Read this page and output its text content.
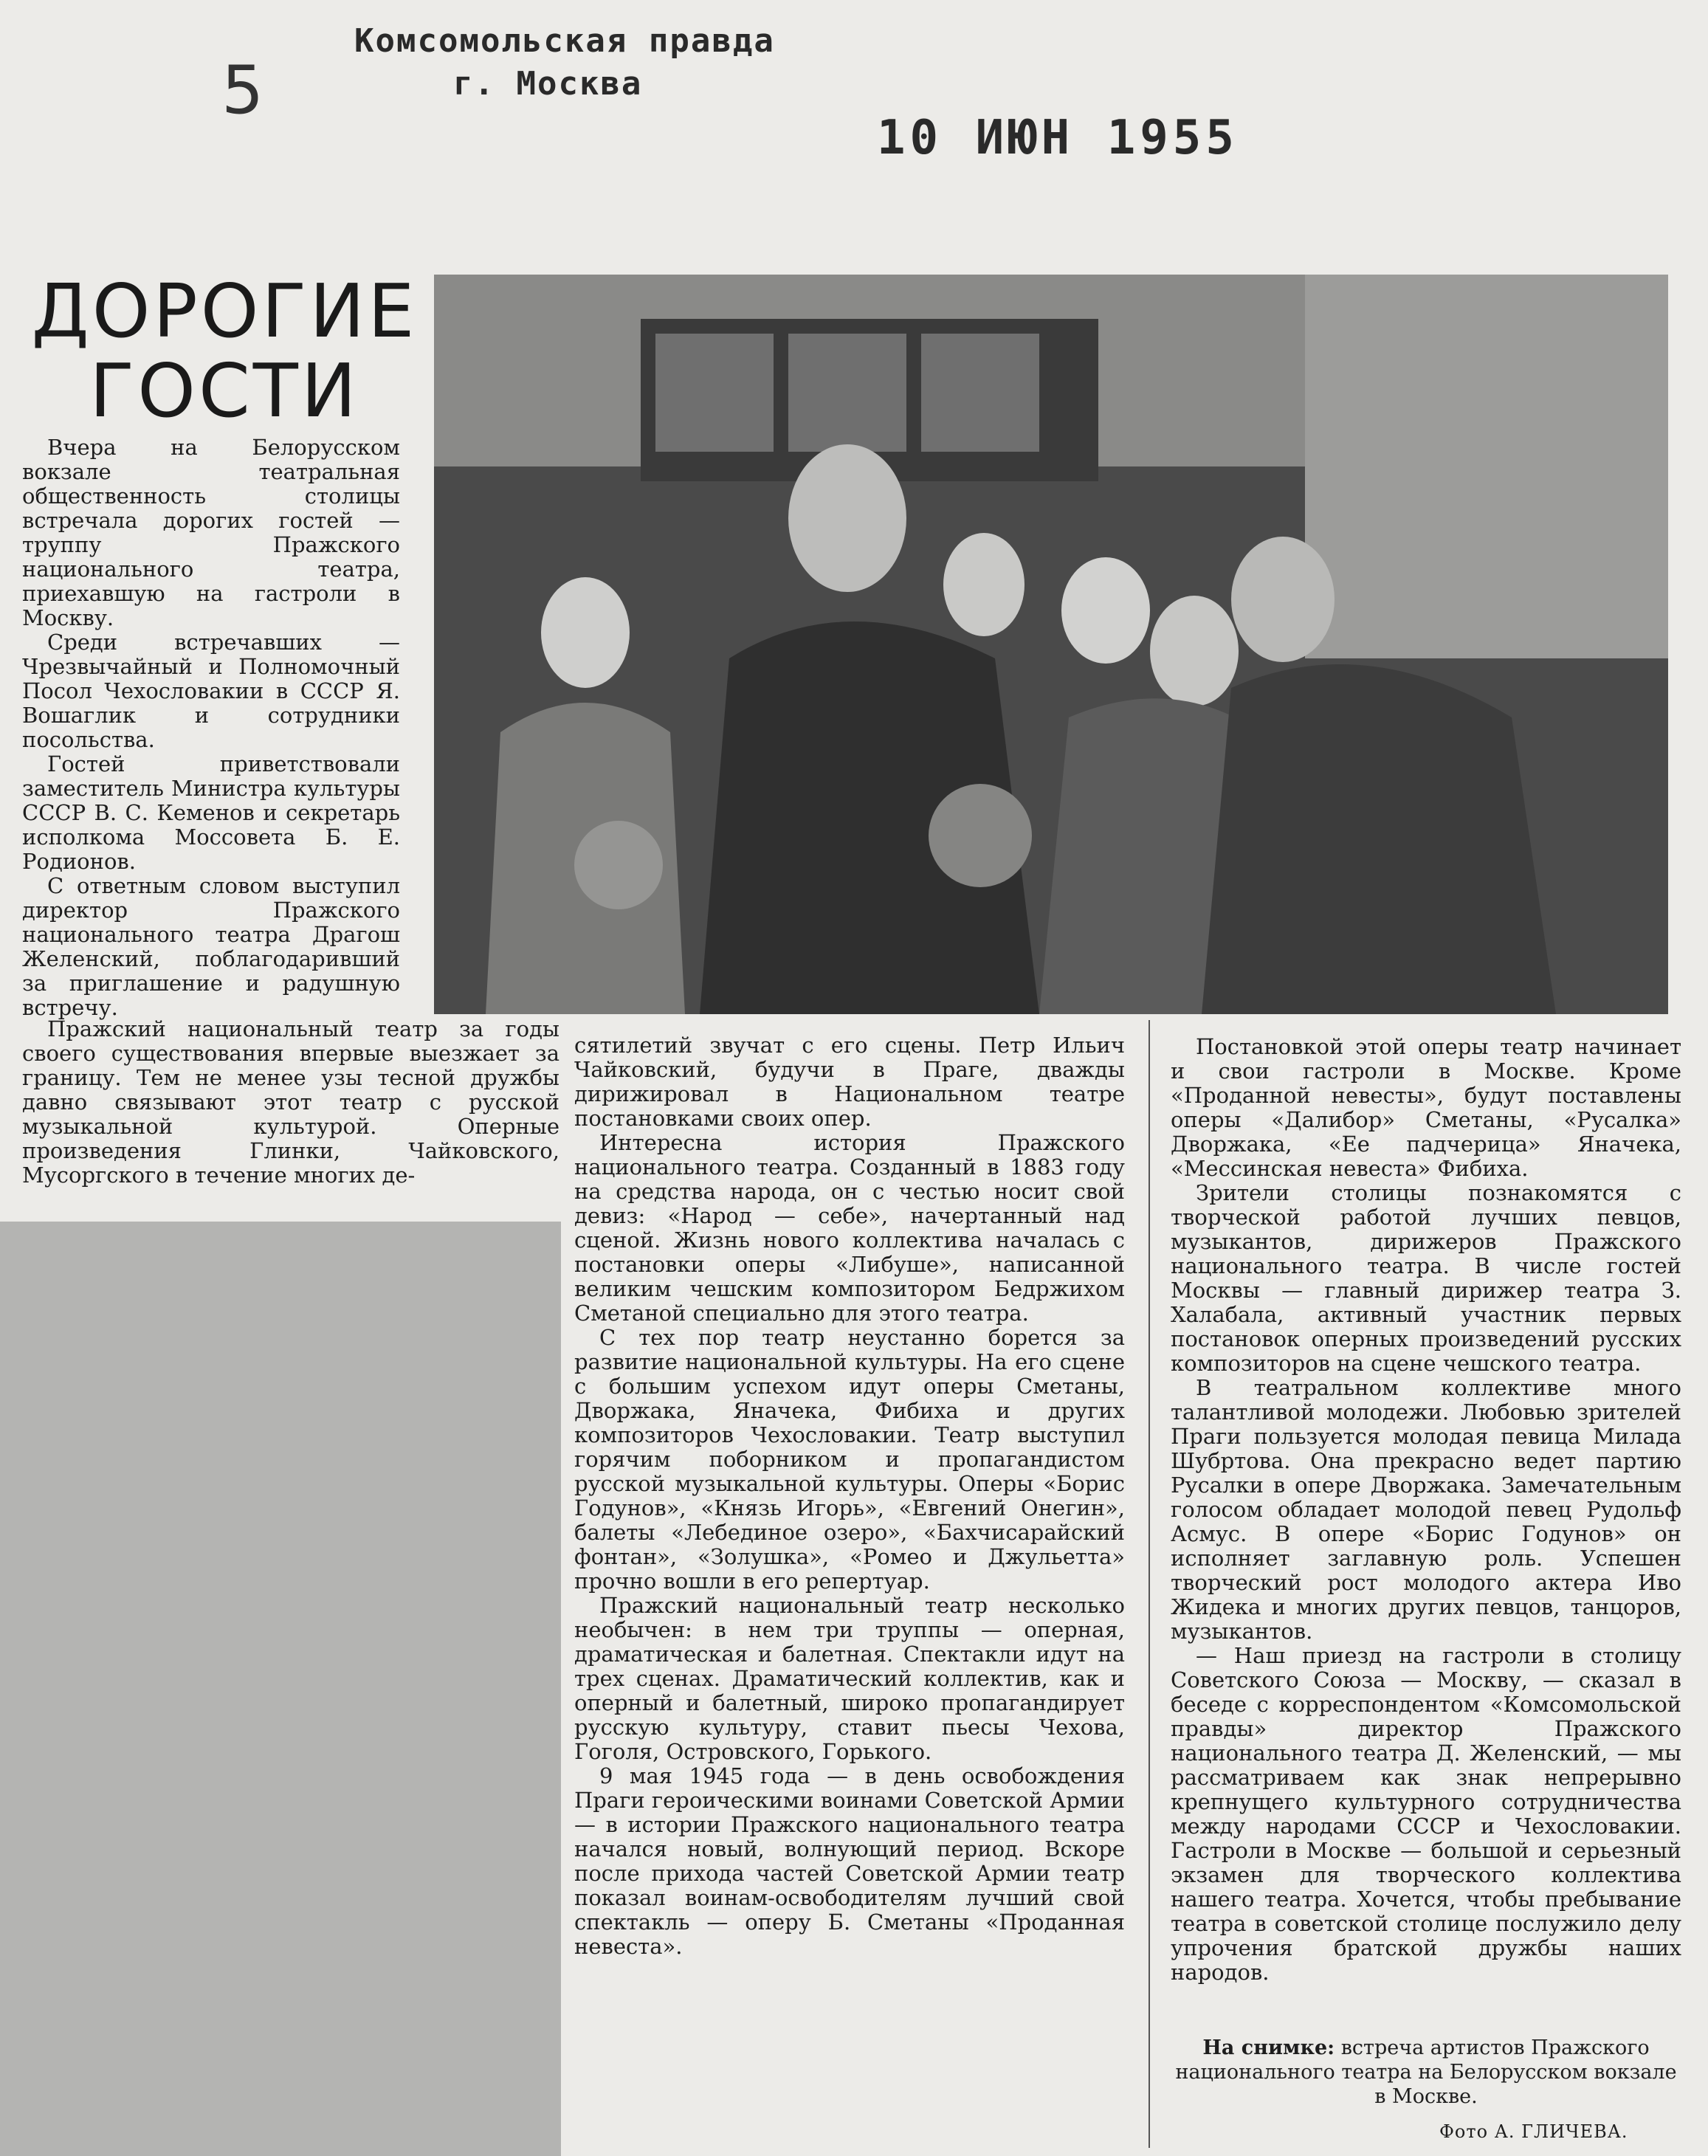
5
Комсомольская правда
г. Москва
10 ИЮН 1955
ДОРОГИЕ ГОСТИ

Вчера на Белорусском вокзале театральная общественность столицы встречала дорогих гостей — труппу Пражского национального театра, приехавшую на гастроли в Москву.

Среди встречавших — Чрезвычайный и Полномочный Посол Чехословакии в СССР Я. Вошаглик и сотрудники посольства.

Гостей приветствовали заместитель Министра культуры СССР В. С. Кеменов и секретарь исполкома Моссовета Б. Е. Родионов.

С ответным словом выступил директор Пражского национального театра Драгош Желенский, поблагодаривший за приглашение и радушную встречу.

Пражский национальный театр за годы своего существования впервые выезжает за границу. Тем не менее узы тесной дружбы давно связывают этот театр с русской музыкальной культурой. Оперные произведения Глинки, Чайковского, Мусоргского в течение многих де-

сятилетий звучат с его сцены. Петр Ильич Чайковский, будучи в Праге, дважды дирижировал в Национальном театре постановками своих опер.

Интересна история Пражского национального театра. Созданный в 1883 году на средства народа, он с честью носит свой девиз: «Народ — себе», начертанный над сценой. Жизнь нового коллектива началась с постановки оперы «Либуше», написанной великим чешским композитором Бедржихом Сметаной специально для этого театра.

С тех пор театр неустанно борется за развитие национальной культуры. На его сцене с большим успехом идут оперы Сметаны, Дворжака, Яначека, Фибиха и других композиторов Чехословакии. Театр выступил горячим поборником и пропагандистом русской музыкальной культуры. Оперы «Борис Годунов», «Князь Игорь», «Евгений Онегин», балеты «Лебединое озеро», «Бахчисарайский фонтан», «Золушка», «Ромео и Джульетта» прочно вошли в его репертуар.

Пражский национальный театр несколько необычен: в нем три труппы — оперная, драматическая и балетная. Спектакли идут на трех сценах. Драматический коллектив, как и оперный и балетный, широко пропагандирует русскую культуру, ставит пьесы Чехова, Гоголя, Островского, Горького.

9 мая 1945 года — в день освобождения Праги героическими воинами Советской Армии — в истории Пражского национального театра начался новый, волнующий период. Вскоре после прихода частей Советской Армии театр показал воинам-освободителям лучший свой спектакль — оперу Б. Сметаны «Проданная невеста».

Постановкой этой оперы театр начинает и свои гастроли в Москве. Кроме «Проданной невесты», будут поставлены оперы «Далибор» Сметаны, «Русалка» Дворжака, «Ее падчерица» Яначека, «Мессинская невеста» Фибиха.

Зрители столицы познакомятся с творческой работой лучших певцов, музыкантов, дирижеров Пражского национального театра. В числе гостей Москвы — главный дирижер театра З. Халабала, активный участник первых постановок оперных произведений русских композиторов на сцене чешского театра.

В театральном коллективе много талантливой молодежи. Любовью зрителей Праги пользуется молодая певица Милада Шубртова. Она прекрасно ведет партию Русалки в опере Дворжака. Замечательным голосом обладает молодой певец Рудольф Асмус. В опере «Борис Годунов» он исполняет заглавную роль. Успешен творческий рост молодого актера Иво Жидека и многих других певцов, танцоров, музыкантов.

— Наш приезд на гастроли в столицу Советского Союза — Москву, — сказал в беседе с корреспондентом «Комсомольской правды» директор Пражского национального театра Д. Желенский, — мы рассматриваем как знак непрерывно крепнущего культурного сотрудничества между народами СССР и Чехословакии. Гастроли в Москве — большой и серьезный экзамен для творческого коллектива нашего театра. Хочется, чтобы пребывание театра в советской столице послужило делу упрочения братской дружбы наших народов.

На снимке: встреча артистов Пражского национального театра на Белорусском вокзале в Москве.
Фото А. ГЛИЧЕВА.
